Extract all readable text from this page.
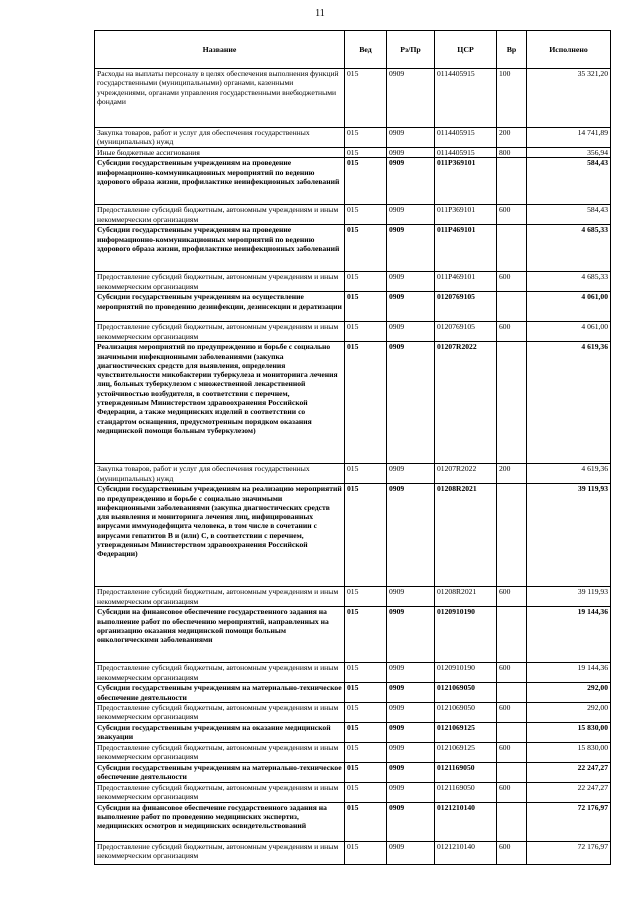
11
Название	Вед	Рз/Пр	ЦСР	Вр	Исполнено
Расходы на выплаты персоналу в целях обеспечения выполнения функций государственными (муниципальными) органами, казенными учреждениями, органами управления государственными внебюджетными фондами	015	0909	0114405915	100	35 321,20
Закупка товаров, работ и услуг для обеспечения государственных (муниципальных) нужд	015	0909	0114405915	200	14 741,89
Иные бюджетные ассигнования	015	0909	0114405915	800	356,94
Субсидии государственным учреждениям на проведение информационно-коммуникационных мероприятий по ведению здорового образа жизни, профилактике неинфекционных заболеваний	015	0909	011P369101		584,43
Предоставление субсидий бюджетным, автономным учреждениям и иным некоммерческим организациям	015	0909	011P369101	600	584,43
Субсидии государственным учреждениям на проведение информационно-коммуникационных мероприятий по ведению здорового образа жизни, профилактике неинфекционных заболеваний	015	0909	011P469101		4 685,33
Предоставление субсидий бюджетным, автономным учреждениям и иным некоммерческим организациям	015	0909	011P469101	600	4 685,33
Субсидии государственным учреждениям на осуществление мероприятий по проведению дезинфекции, дезинсекции и дератизации	015	0909	0120769105		4 061,00
Предоставление субсидий бюджетным, автономным учреждениям и иным некоммерческим организациям	015	0909	0120769105	600	4 061,00
Реализация мероприятий по предупреждению и борьбе с социально значимыми инфекционными заболеваниями (закупка диагностических средств для выявления, определения чувствительности микобактерии туберкулеза и мониторинга лечения лиц, больных туберкулезом с множественной лекарственной устойчивостью возбудителя, в соответствии с перечнем, утвержденным Министерством здравоохранения Российской Федерации, а также медицинских изделий в соответствии со стандартом оснащения, предусмотренным порядком оказания медицинской помощи больным туберкулезом)	015	0909	01207R2022		4 619,36
Закупка товаров, работ и услуг для обеспечения государственных (муниципальных) нужд	015	0909	01207R2022	200	4 619,36
Субсидии государственным учреждениям на реализацию мероприятий по предупреждению и борьбе с социально значимыми инфекционными заболеваниями (закупка диагностических средств для выявления и мониторинга лечения лиц, инфицированных вирусами иммунодефицита человека, в том числе в сочетании с вирусами гепатитов В и (или) С, в соответствии с перечнем, утвержденным Министерством здравоохранения Российской Федерации)	015	0909	01208R2021		39 119,93
Предоставление субсидий бюджетным, автономным учреждениям и иным некоммерческим организациям	015	0909	01208R2021	600	39 119,93
Субсидии на финансовое обеспечение государственного задания на выполнение работ по обеспечению мероприятий, направленных на организацию оказания медицинской помощи больным онкологическими заболеваниями	015	0909	0120910190		19 144,36
Предоставление субсидий бюджетным, автономным учреждениям и иным некоммерческим организациям	015	0909	0120910190	600	19 144,36
Субсидии государственным учреждениям на материально-техническое обеспечение деятельности	015	0909	0121069050		292,00
Предоставление субсидий бюджетным, автономным учреждениям и иным некоммерческим организациям	015	0909	0121069050	600	292,00
Субсидии государственным учреждениям на оказание медицинской эвакуации	015	0909	0121069125		15 830,00
Предоставление субсидий бюджетным, автономным учреждениям и иным некоммерческим организациям	015	0909	0121069125	600	15 830,00
Субсидии государственным учреждениям на материально-техническое обеспечение деятельности	015	0909	0121169050		22 247,27
Предоставление субсидий бюджетным, автономным учреждениям и иным некоммерческим организациям	015	0909	0121169050	600	22 247,27
Субсидии на финансовое обеспечение государственного задания на выполнение работ по проведению медицинских экспертиз, медицинских осмотров и медицинских освидетельствований	015	0909	0121210140		72 176,97
Предоставление субсидий бюджетным, автономным учреждениям и иным некоммерческим организациям	015	0909	0121210140	600	72 176,97
